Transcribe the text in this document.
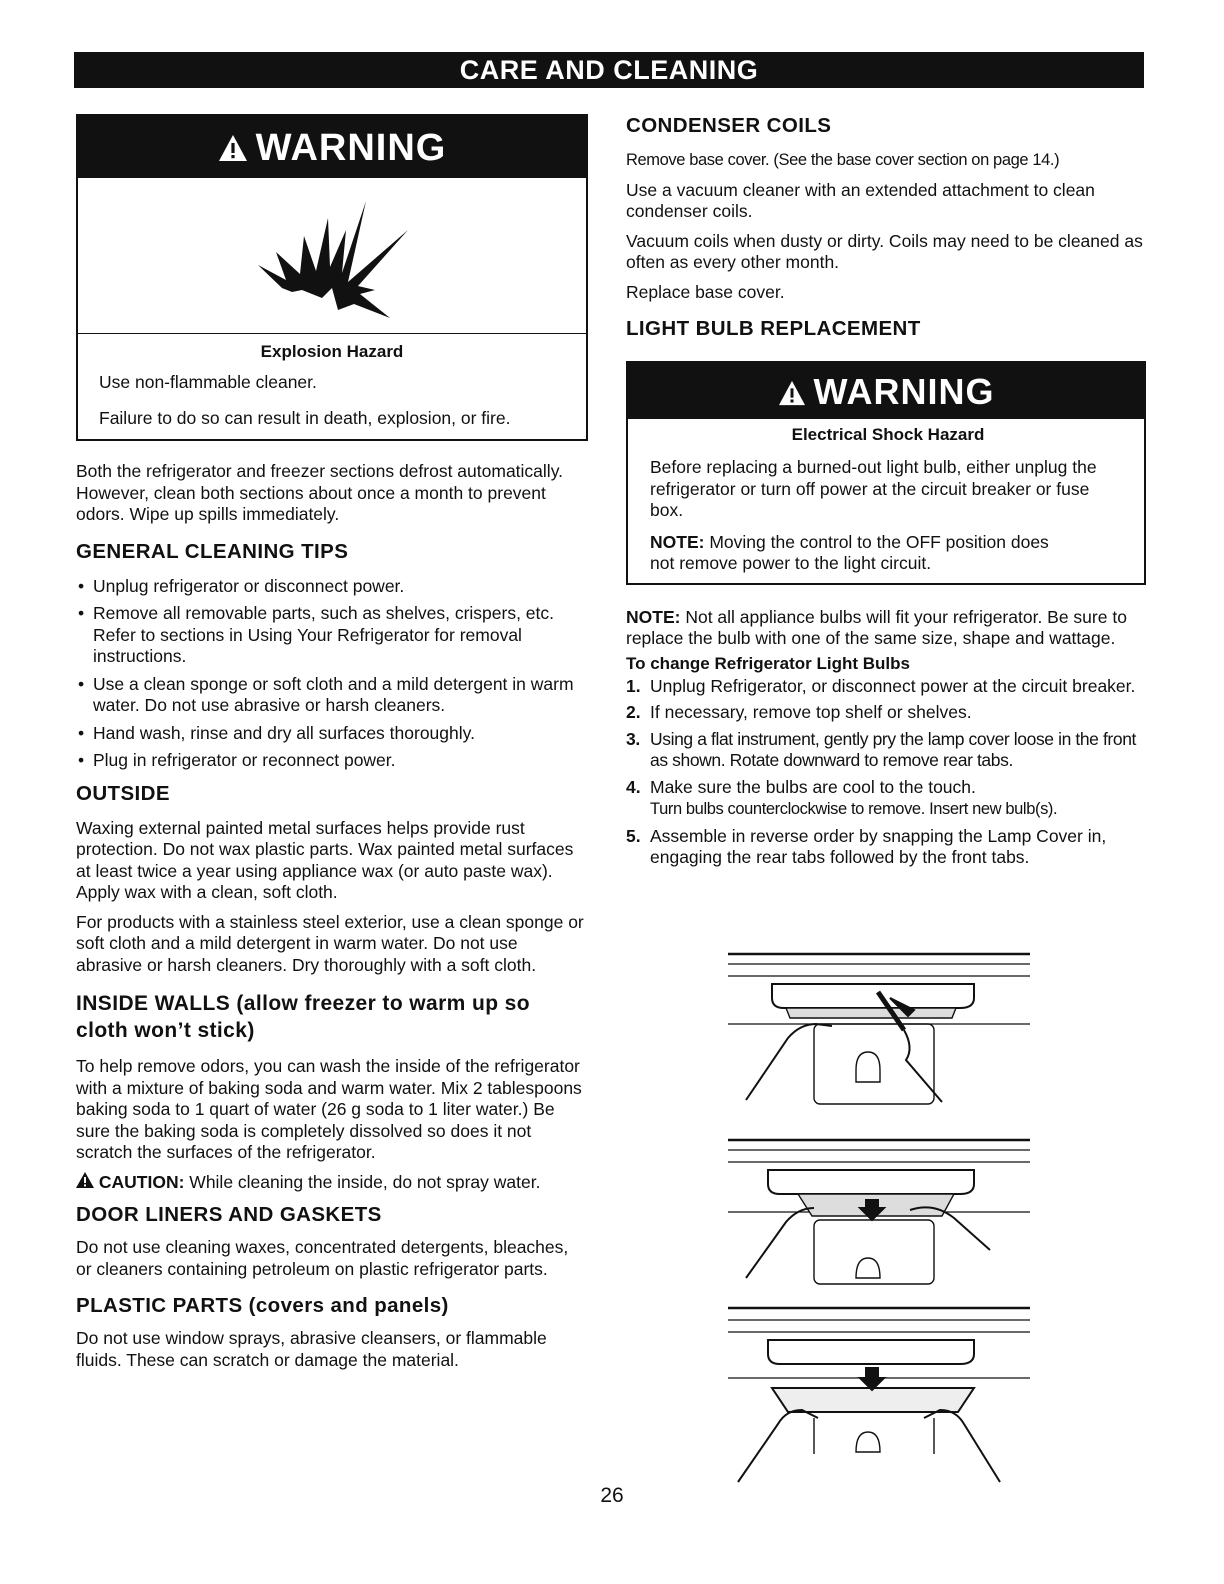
CARE AND CLEANING
WARNING
Explosion Hazard

Use non-flammable cleaner.

Failure to do so can result in death, explosion, or fire.

Both the refrigerator and freezer sections defrost automatically. However, clean both sections about once a month to prevent odors. Wipe up spills immediately.

GENERAL CLEANING TIPS
• Unplug refrigerator or disconnect power.
• Remove all removable parts, such as shelves, crispers, etc. Refer to sections in Using Your Refrigerator for removal instructions.
• Use a clean sponge or soft cloth and a mild detergent in warm water. Do not use abrasive or harsh cleaners.
• Hand wash, rinse and dry all surfaces thoroughly.
• Plug in refrigerator or reconnect power.
OUTSIDE

Waxing external painted metal surfaces helps provide rust protection. Do not wax plastic parts. Wax painted metal surfaces at least twice a year using appliance wax (or auto paste wax). Apply wax with a clean, soft cloth.

For products with a stainless steel exterior, use a clean sponge or soft cloth and a mild detergent in warm water. Do not use abrasive or harsh cleaners. Dry thoroughly with a soft cloth.

INSIDE WALLS (allow freezer to warm up so cloth won’t stick)

To help remove odors, you can wash the inside of the refrigerator with a mixture of baking soda and warm water. Mix 2 tablespoons baking soda to 1 quart of water (26 g soda to 1 liter water.) Be sure the baking soda is completely dissolved so does it not scratch the surfaces of the refrigerator.

CAUTION: While cleaning the inside, do not spray water.

DOOR LINERS AND GASKETS

Do not use cleaning waxes, concentrated detergents, bleaches, or cleaners containing petroleum on plastic refrigerator parts.

PLASTIC PARTS (covers and panels)

Do not use window sprays, abrasive cleansers, or flammable fluids. These can scratch or damage the material.

CONDENSER COILS

Remove base cover. (See the base cover section on page 14.)

Use a vacuum cleaner with an extended attachment to clean condenser coils.

Vacuum coils when dusty or dirty. Coils may need to be cleaned as often as every other month.

Replace base cover.

LIGHT BULB REPLACEMENT
WARNING
Electrical Shock Hazard

Before replacing a burned-out light bulb, either unplug the refrigerator or turn off power at the circuit breaker or fuse box.

NOTE: Moving the control to the OFF position does not remove power to the light circuit.

NOTE: Not all appliance bulbs will fit your refrigerator. Be sure to replace the bulb with one of the same size, shape and wattage.

To change Refrigerator Light Bulbs
1. Unplug Refrigerator, or disconnect power at the circuit breaker.
2. If necessary, remove top shelf or shelves.
3. Using a flat instrument, gently pry the lamp cover loose in the front as shown. Rotate downward to remove rear tabs.
4. Make sure the bulbs are cool to the touch.
Turn bulbs counterclockwise to remove. Insert new bulb(s).
5. Assemble in reverse order by snapping the Lamp Cover in, engaging the rear tabs followed by the front tabs.
26
